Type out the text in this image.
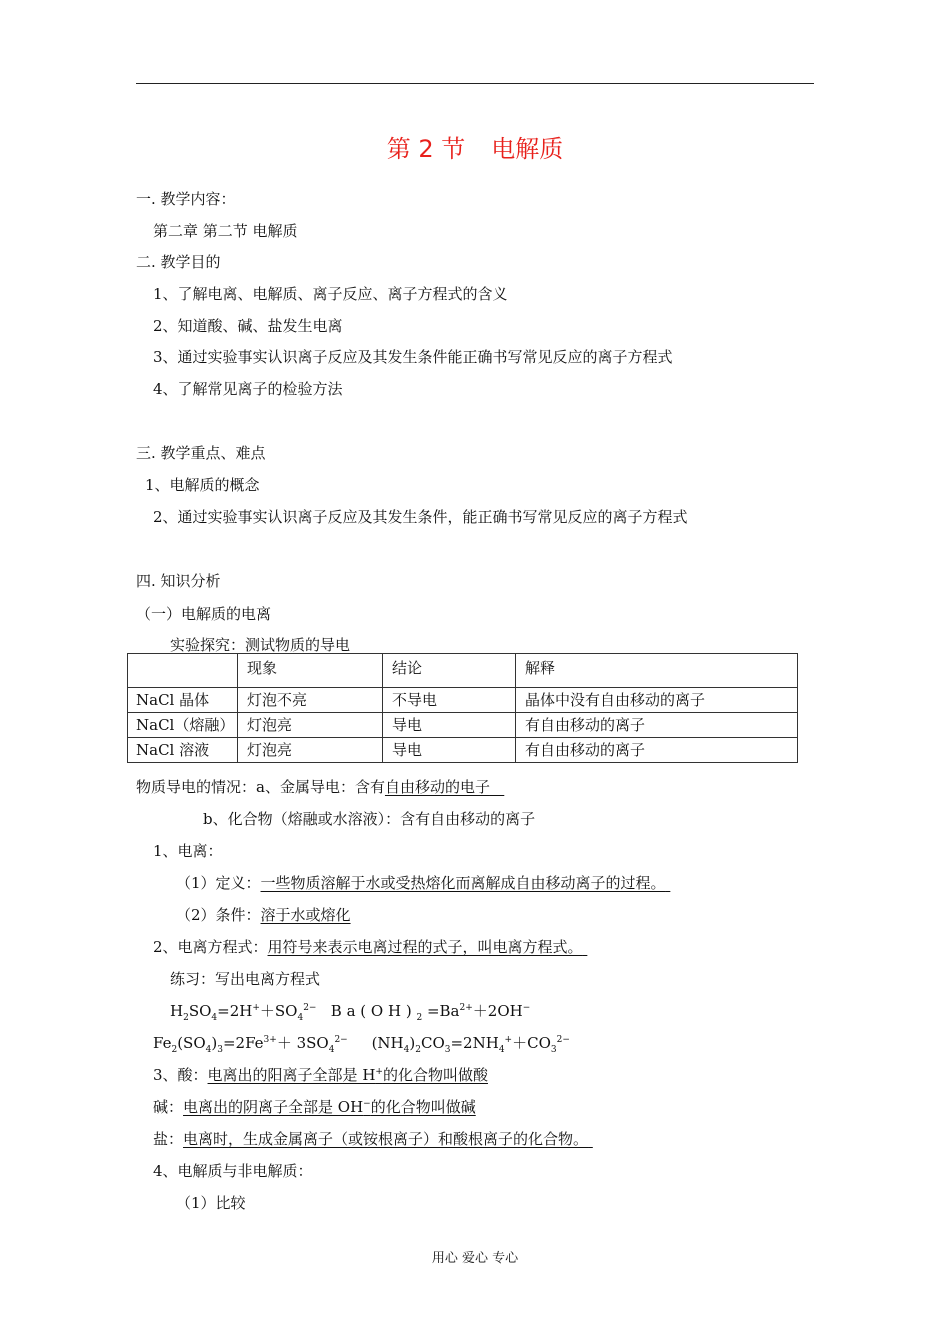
第 2 节 电解质
一. 教学内容：
第二章 第二节 电解质
二. 教学目的
1、了解电离、电解质、离子反应、离子方程式的含义
2、知道酸、碱、盐发生电离
3、通过实验事实认识离子反应及其发生条件能正确书写常见反应的离子方程式
4、了解常见离子的检验方法
三. 教学重点、难点
1、电解质的概念
2、通过实验事实认识离子反应及其发生条件，能正确书写常见反应的离子方程式
四. 知识分析
（一）电解质的电离
实验探究：测试物质的导电
	现象	结论	解释
NaCl 晶体	灯泡不亮	不导电	晶体中没有自由移动的离子
NaCl（熔融）	灯泡亮	导电	有自由移动的离子
NaCl 溶液	灯泡亮	导电	有自由移动的离子
物质导电的情况：a、金属导电：含有自由移动的电子
b、化合物（熔融或水溶液）：含有自由移动的离子
1、电离：
（1）定义：一些物质溶解于水或受热熔化而离解成自由移动离子的过程。
（2）条件：溶于水或熔化
2、电离方程式：用符号来表示电离过程的式子，叫电离方程式。
练习：写出电离方程式
$H_2SO_4=2H^++SO_4^{2-}$   B a ( O H ) $_2 =Ba^{2+}+2OH^-$
$Fe_2(SO_4)_3=2Fe^{3+}+ 3SO_4^{2-}$     $(NH_4)_2CO_3=2NH_4^++CO_3^{2-}$
3、酸：电离出的阳离子全部是 H+的化合物叫做酸
碱：电离出的阴离子全部是 OH−的化合物叫做碱
盐：电离时，生成金属离子（或铵根离子）和酸根离子的化合物。
4、电解质与非电解质：
（1）比较
用心 爱心 专心
